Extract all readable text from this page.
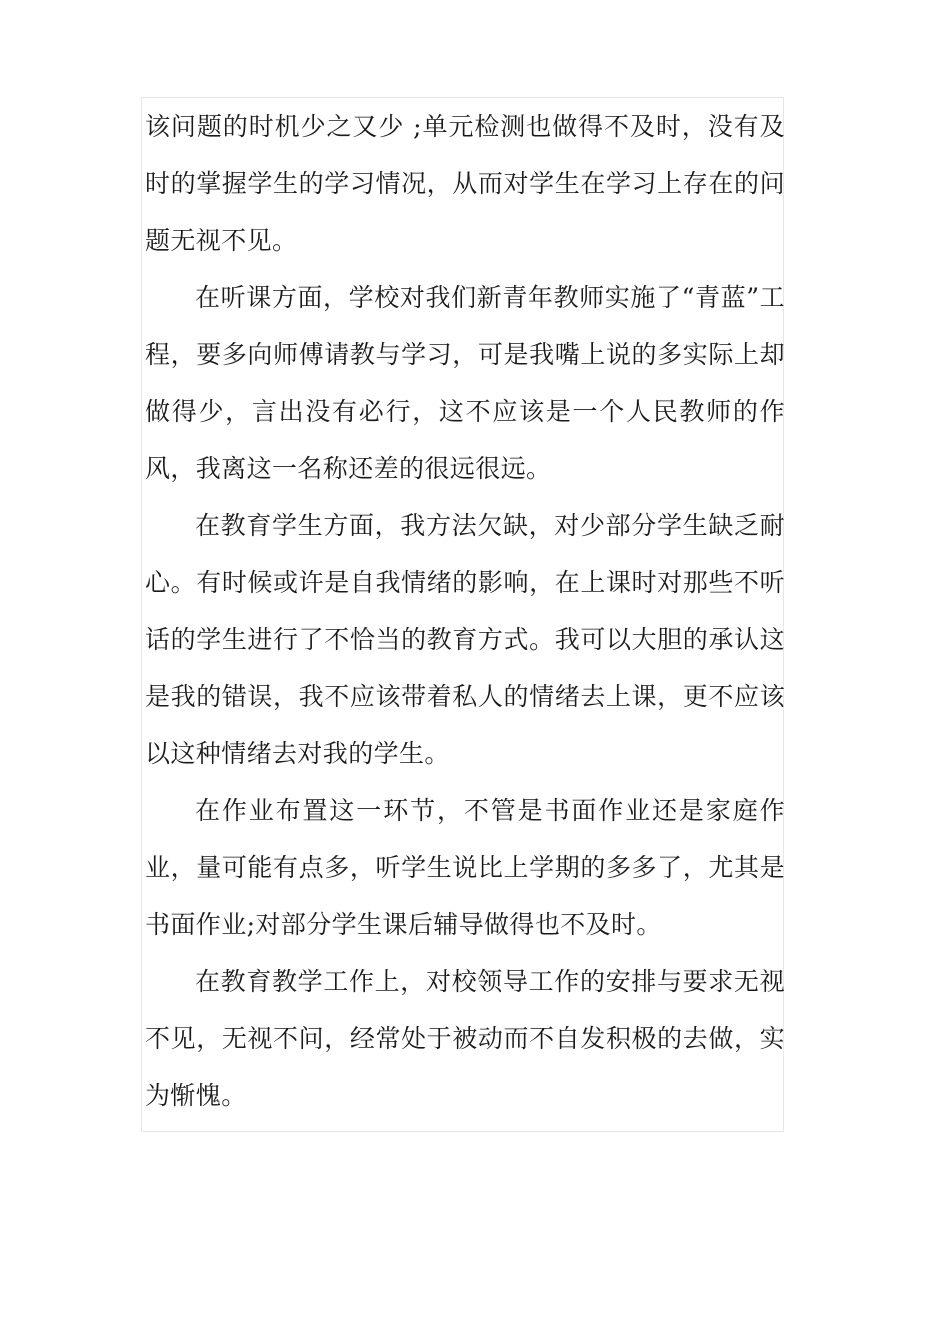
该问题的时机少之又少 ;单元检测也做得不及时，没有及时的掌握学生的学习情况，从而对学生在学习上存在的问题无视不见。

在听课方面，学校对我们新青年教师实施了“青蓝”工程，要多向师傅请教与学习，可是我嘴上说的多实际上却做得少，言出没有必行，这不应该是一个人民教师的作风，我离这一名称还差的很远很远。

在教育学生方面，我方法欠缺，对少部分学生缺乏耐心。有时候或许是自我情绪的影响，在上课时对那些不听话的学生进行了不恰当的教育方式。我可以大胆的承认这是我的错误，我不应该带着私人的情绪去上课，更不应该以这种情绪去对我的学生。

在作业布置这一环节，不管是书面作业还是家庭作业，量可能有点多，听学生说比上学期的多多了，尤其是书面作业;对部分学生课后辅导做得也不及时。

在教育教学工作上，对校领导工作的安排与要求无视不见，无视不问，经常处于被动而不自发积极的去做，实为惭愧。
